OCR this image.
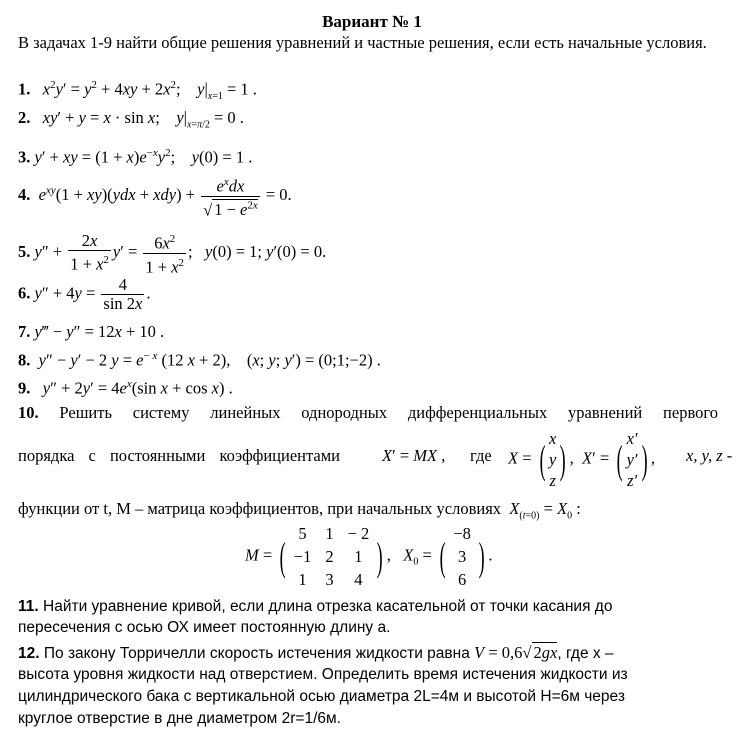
Вариант № 1
В задачах 1-9 найти общие решения уравнений и частные решения, если есть начальные условия.
1. $x^2y' = y^2 + 4xy + 2x^2$;    $y|_{x=1} = 1$ .
2. xy′ + y = x · sin x;    $y|_{x=\pi/2} = 0$ .
3. y′ + xy = $(1 + x)e^{-x}y^2$;    y(0) = 1 .
4. $e^{xy}(1 + xy)(ydx + xdy) + \frac{e^xdx}{√ 1 - e^{2x}} = 0$.
5. $y'' + \frac{2x}{1 + x^2} y' = \frac{6x^2}{1 + x^2}$ ;   y(0) = 1; y′(0) = 0.
6. $y'' + 4y = \frac{4}{\sin 2x}$ .
7. y‴ − y″ = 12x + 10 .
8. y″ − y′ − 2 $y = e^{- x}$ (12 x + 2),    (x; y; y′) = (0;1;−2) .
9. $y'' + 2y' = 4e^x(\sin$ x + cos x) .
10. Решить систему линейных однородных дифференциальных уравнений первого
порядка с постоянными коэффициентами	X′ = MX , где X = ( x
y
z ) ,  X′ = ( x′
y′
z′ ) , x, y, z -
функции от t, M – матрица коэффициентов, при начальных условиях $X_{(t=0)} = X_0$ :
M = ( 5 1 − 2
−1 2	1
1 3	4
) ,   $X_0$ = ( −8
3
6
) .
11. Найти уравнение кривой, если длина отрезка касательной от точки касания до
пересечения с осью ОХ имеет постоянную длину a.
12. По закону Торричелли скорость истечения жидкости равна V = 0,6√ 2gx, где x –
высота уровня жидкости над отверстием. Определить время истечения жидкости из
цилиндрического бака с вертикальной осью диаметра 2L=4м и высотой H=6м через
круглое отверстие в дне диаметром 2r=1/6м.
